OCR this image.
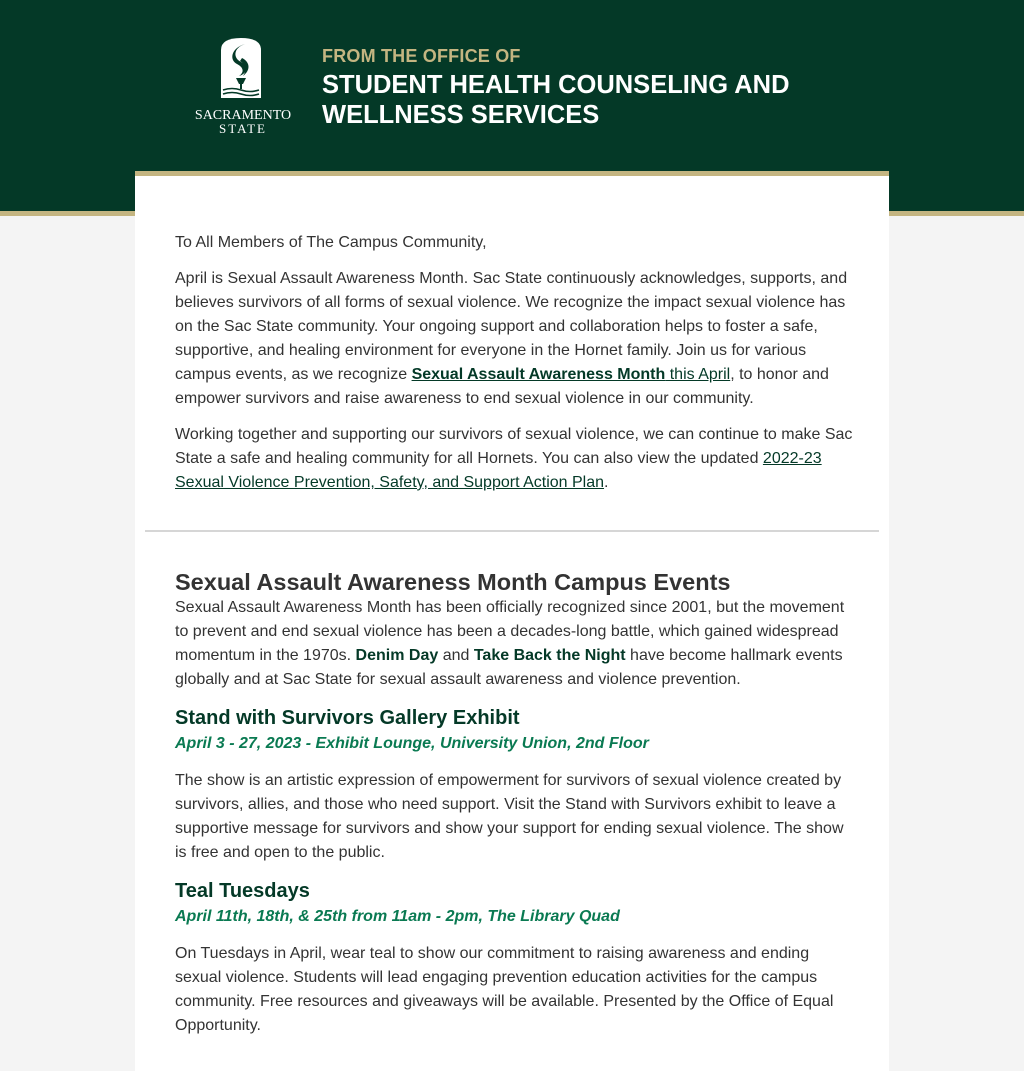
SACRAMENTO
STATE
FROM THE OFFICE OF
STUDENT HEALTH COUNSELING AND
WELLNESS SERVICES

To All Members of The Campus Community,

April is Sexual Assault Awareness Month. Sac State continuously acknowledges, supports, and believes survivors of all forms of sexual violence. We recognize the impact sexual violence has on the Sac State community. Your ongoing support and collaboration helps to foster a safe, supportive, and healing environment for everyone in the Hornet family. Join us for various campus events, as we recognize Sexual Assault Awareness Month this April, to honor and empower survivors and raise awareness to end sexual violence in our community.

Working together and supporting our survivors of sexual violence, we can continue to make Sac State a safe and healing community for all Hornets. You can also view the updated 2022-23 Sexual Violence Prevention, Safety, and Support Action Plan.

Sexual Assault Awareness Month Campus Events

Sexual Assault Awareness Month has been officially recognized since 2001, but the movement to prevent and end sexual violence has been a decades-long battle, which gained widespread momentum in the 1970s. Denim Day and Take Back the Night have become hallmark events globally and at Sac State for sexual assault awareness and violence prevention.

Stand with Survivors Gallery Exhibit

April 3 - 27, 2023 - Exhibit Lounge, University Union, 2nd Floor

The show is an artistic expression of empowerment for survivors of sexual violence created by survivors, allies, and those who need support. Visit the Stand with Survivors exhibit to leave a supportive message for survivors and show your support for ending sexual violence. The show is free and open to the public.

Teal Tuesdays

April 11th, 18th, & 25th from 11am - 2pm, The Library Quad

On Tuesdays in April, wear teal to show our commitment to raising awareness and ending sexual violence. Students will lead engaging prevention education activities for the campus community. Free resources and giveaways will be available. Presented by the Office of Equal Opportunity.
